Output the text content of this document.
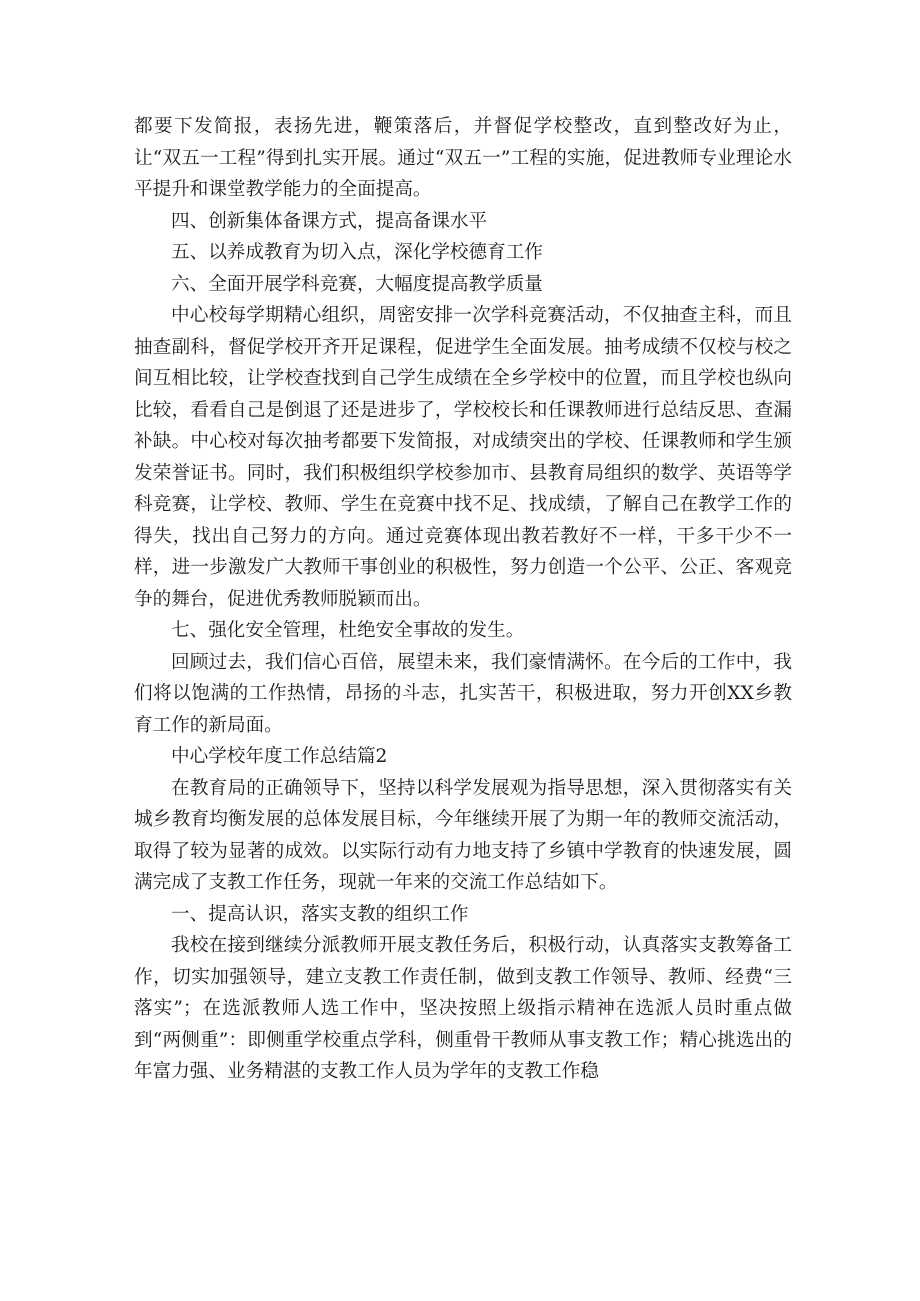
都要下发简报，表扬先进，鞭策落后，并督促学校整改，直到整改好为止，让“双五一工程”得到扎实开展。通过“双五一”工程的实施，促进教师专业理论水平提升和课堂教学能力的全面提高。

四、创新集体备课方式，提高备课水平

五、以养成教育为切入点，深化学校德育工作

六、全面开展学科竞赛，大幅度提高教学质量

中心校每学期精心组织，周密安排一次学科竞赛活动，不仅抽查主科，而且抽查副科，督促学校开齐开足课程，促进学生全面发展。抽考成绩不仅校与校之间互相比较，让学校查找到自己学生成绩在全乡学校中的位置，而且学校也纵向比较，看看自己是倒退了还是进步了，学校校长和任课教师进行总结反思、查漏补缺。中心校对每次抽考都要下发简报，对成绩突出的学校、任课教师和学生颁发荣誉证书。同时，我们积极组织学校参加市、县教育局组织的数学、英语等学科竞赛，让学校、教师、学生在竞赛中找不足、找成绩，了解自己在教学工作的得失，找出自己努力的方向。通过竞赛体现出教若教好不一样，干多干少不一样，进一步激发广大教师干事创业的积极性，努力创造一个公平、公正、客观竞争的舞台，促进优秀教师脱颖而出。

七、强化安全管理，杜绝安全事故的发生。

回顾过去，我们信心百倍，展望未来，我们豪情满怀。在今后的工作中，我们将以饱满的工作热情，昂扬的斗志，扎实苦干，积极进取，努力开创XX乡教育工作的新局面。

中心学校年度工作总结篇2

在教育局的正确领导下，坚持以科学发展观为指导思想，深入贯彻落实有关城乡教育均衡发展的总体发展目标，今年继续开展了为期一年的教师交流活动，取得了较为显著的成效。以实际行动有力地支持了乡镇中学教育的快速发展，圆满完成了支教工作任务，现就一年来的交流工作总结如下。

一、提高认识，落实支教的组织工作

我校在接到继续分派教师开展支教任务后，积极行动，认真落实支教筹备工作，切实加强领导，建立支教工作责任制，做到支教工作领导、教师、经费“三落实”；在选派教师人选工作中，坚决按照上级指示精神在选派人员时重点做到“两侧重”：即侧重学校重点学科，侧重骨干教师从事支教工作；精心挑选出的年富力强、业务精湛的支教工作人员为学年的支教工作稳
